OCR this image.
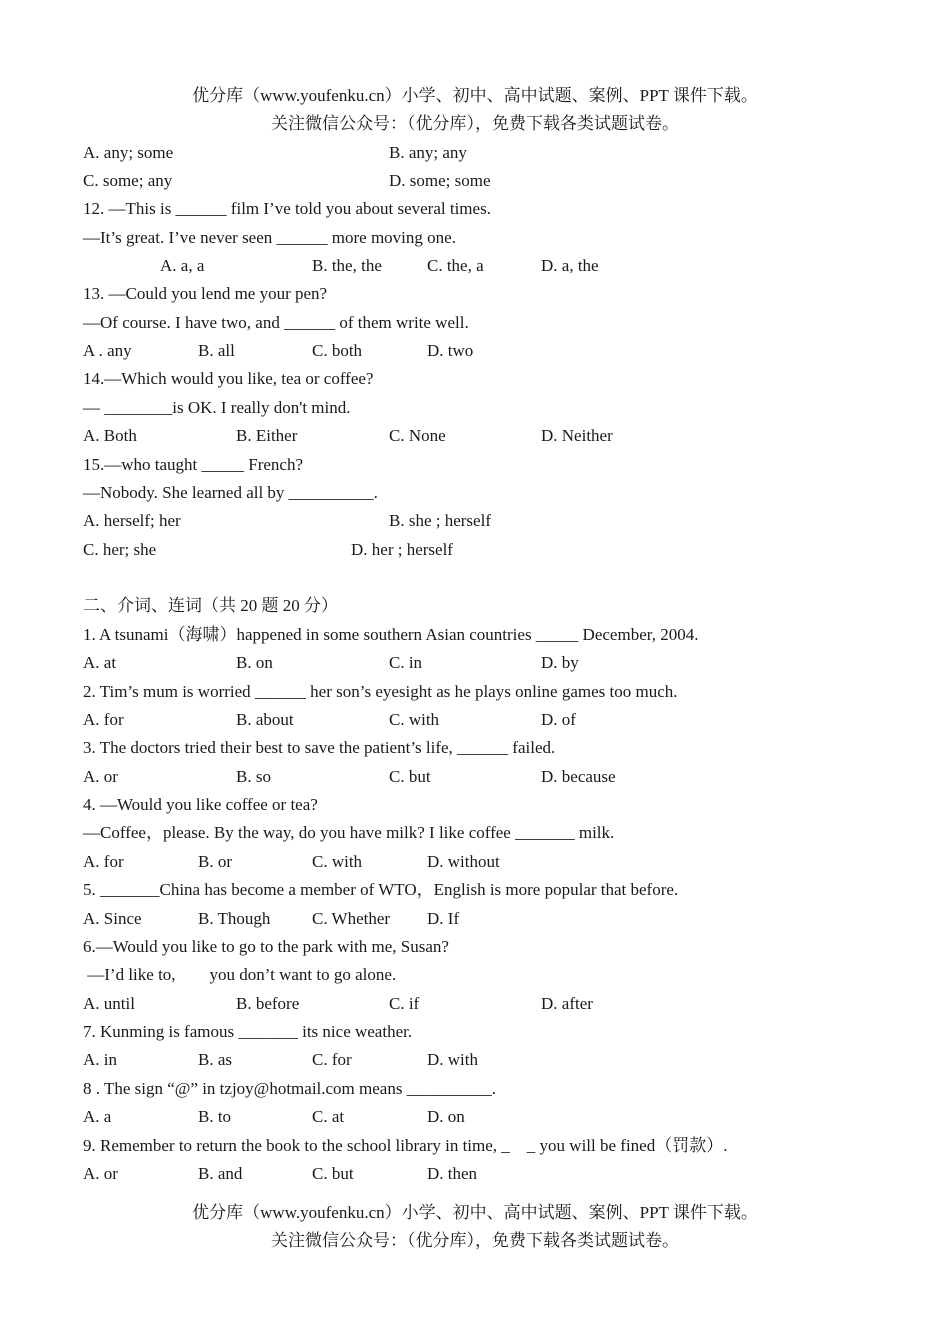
优分库（www.youfenku.cn）小学、初中、高中试题、案例、PPT 课件下载。
关注微信公众号：（优分库），免费下载各类试题试卷。
A. any; some	B. any; any
C. some; any	D. some; some
12. —This is ______ film I’ve told you about several times.
—It’s great. I’ve never seen ______ more moving one.
A. a, a	B. the, the	C. the, a	D. a, the
13. —Could you lend me your pen?
—Of course. I have two, and ______ of them write well.
A . any	B. all	C. both	D. two
14.—Which would you like, tea or coffee?
— ________is OK. I really don't mind.
A. Both	B. Either	C. None	D. Neither
15.—who taught _____ French?
—Nobody. She learned all by __________.
A. herself; her	B. she ; herself
C. her; she	D. her ; herself
二、介词、连词（共 20 题 20 分）
1. A tsunami（海啸）happened in some southern Asian countries _____ December, 2004.
A. at	B. on	C. in	D. by
2. Tim’s mum is worried ______ her son’s eyesight as he plays online games too much.
A. for	B. about	C. with	D. of
3. The doctors tried their best to save the patient’s life, ______ failed.
A. or	B. so	C. but	D. because
4. —Would you like coffee or tea?
—Coffee，please. By the way, do you have milk? I like coffee _______ milk.
A. for	B. or	C. with	D. without
5. _______China has become a member of WTO，English is more popular that before.
A. Since	B. Though C. Whether D. If
6.—Would you like to go to the park with me, Susan?
—I’d like to,        you don’t want to go alone.
A. until	B. before	C. if	D. after
7. Kunming is famous _______ its nice weather.
A. in	B. as	C. for	D. with
8 . The sign “@” in tzjoy@hotmail.com means __________.
A. a	B. to	C. at	D. on
9. Remember to return the book to the school library in time, _    _ you will be fined（罚款）.
A. or	B. and	C. but	D. then
优分库（www.youfenku.cn）小学、初中、高中试题、案例、PPT 课件下载。
关注微信公众号：（优分库），免费下载各类试题试卷。
